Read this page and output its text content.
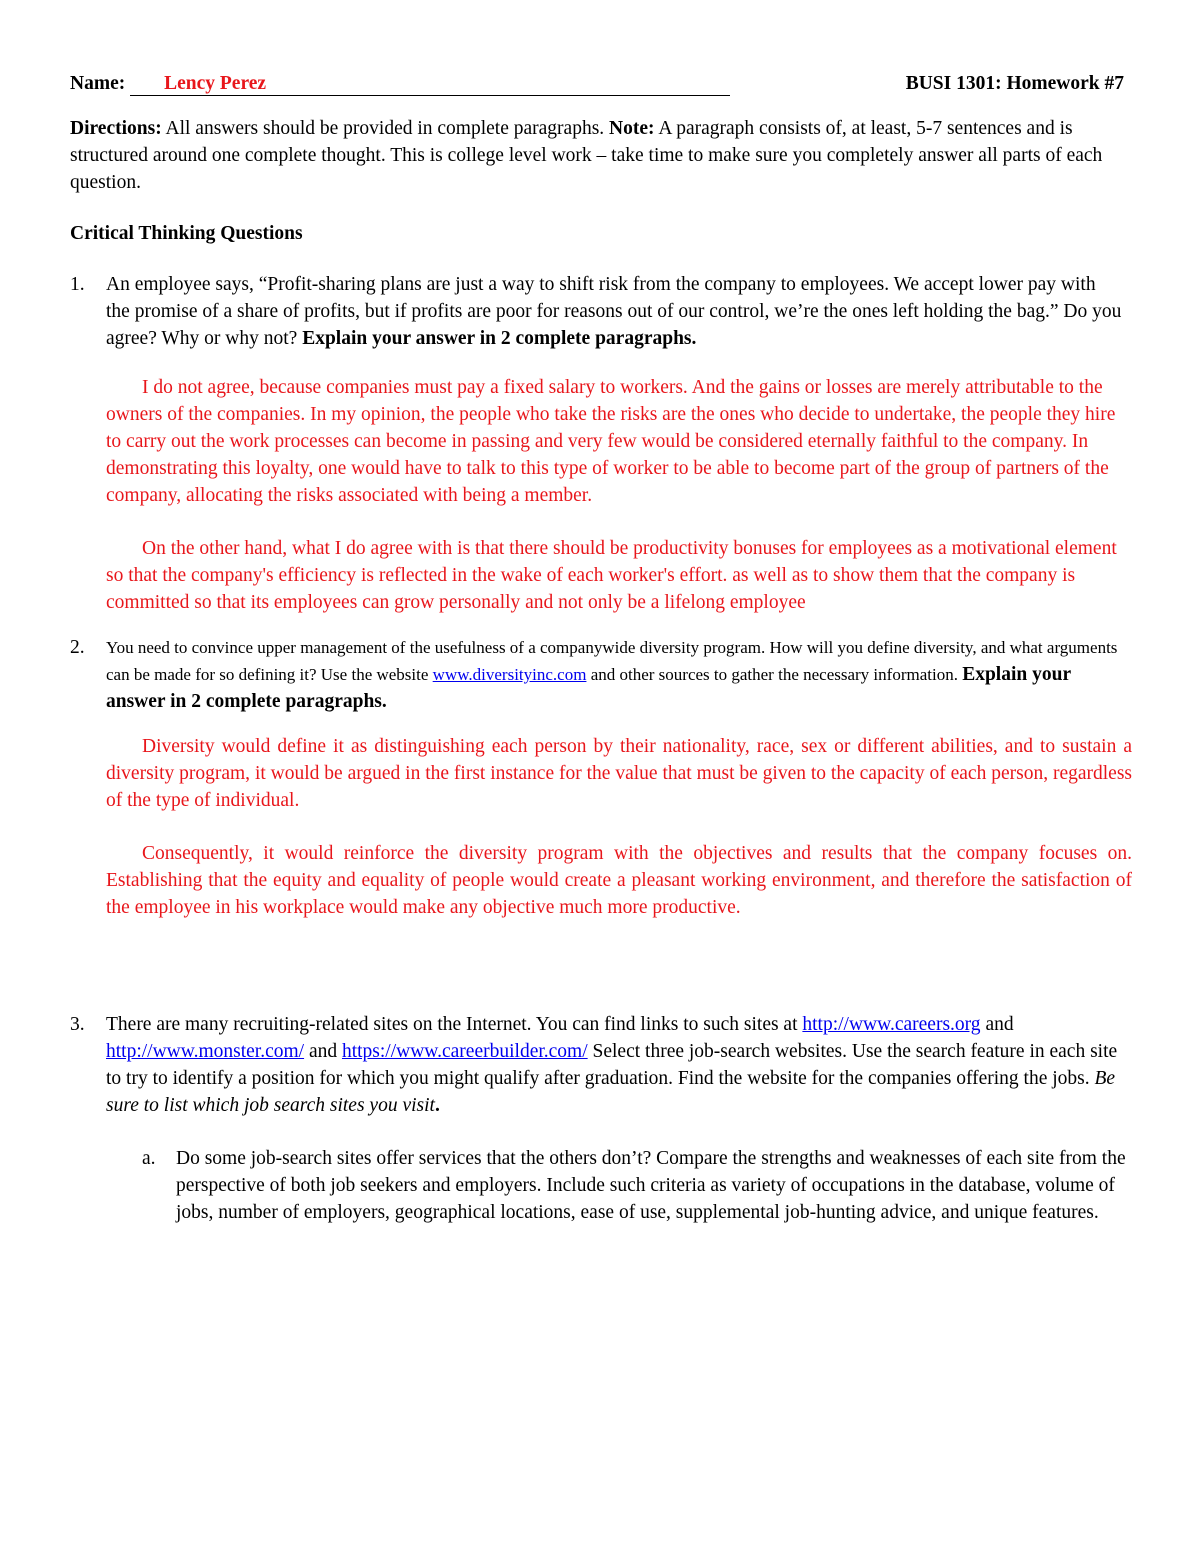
Name: Lency Perez	BUSI 1301: Homework #7

Directions: All answers should be provided in complete paragraphs. Note: A paragraph consists of, at least, 5-7 sentences and is structured around one complete thought. This is college level work – take time to make sure you completely answer all parts of each question.

Critical Thinking Questions
1.	An employee says, “Profit-sharing plans are just a way to shift risk from the company to employees. We accept lower pay with the promise of a share of profits, but if profits are poor for reasons out of our control, we’re the ones left holding the bag.” Do you agree? Why or why not? Explain your answer in 2 complete paragraphs.

I do not agree, because companies must pay a fixed salary to workers. And the gains or losses are merely attributable to the owners of the companies. In my opinion, the people who take the risks are the ones who decide to undertake, the people they hire to carry out the work processes can become in passing and very few would be considered eternally faithful to the company. In demonstrating this loyalty, one would have to talk to this type of worker to be able to become part of the group of partners of the company, allocating the risks associated with being a member.

On the other hand, what I do agree with is that there should be productivity bonuses for employees as a motivational element so that the company's efficiency is reflected in the wake of each worker's effort. as well as to show them that the company is committed so that its employees can grow personally and not only be a lifelong employee

2.	You need to convince upper management of the usefulness of a companywide diversity program. How will you define diversity, and what arguments can be made for so defining it? Use the website www.diversityinc.com and other sources to gather the necessary information. Explain your answer in 2 complete paragraphs.

Diversity would define it as distinguishing each person by their nationality, race, sex or different abilities, and to sustain a diversity program, it would be argued in the first instance for the value that must be given to the capacity of each person, regardless of the type of individual.

Consequently, it would reinforce the diversity program with the objectives and results that the company focuses on. Establishing that the equity and equality of people would create a pleasant working environment, and therefore the satisfaction of the employee in his workplace would make any objective much more productive.

3.	There are many recruiting-related sites on the Internet. You can find links to such sites at http://www.careers.org and http://www.monster.com/ and https://www.careerbuilder.com/ Select three job-search websites. Use the search feature in each site to try to identify a position for which you might qualify after graduation. Find the website for the companies offering the jobs. Be sure to list which job search sites you visit.
a.	Do some job-search sites offer services that the others don’t? Compare the strengths and weaknesses of each site from the perspective of both job seekers and employers. Include such criteria as variety of occupations in the database, volume of jobs, number of employers, geographical locations, ease of use, supplemental job-hunting advice, and unique features.
